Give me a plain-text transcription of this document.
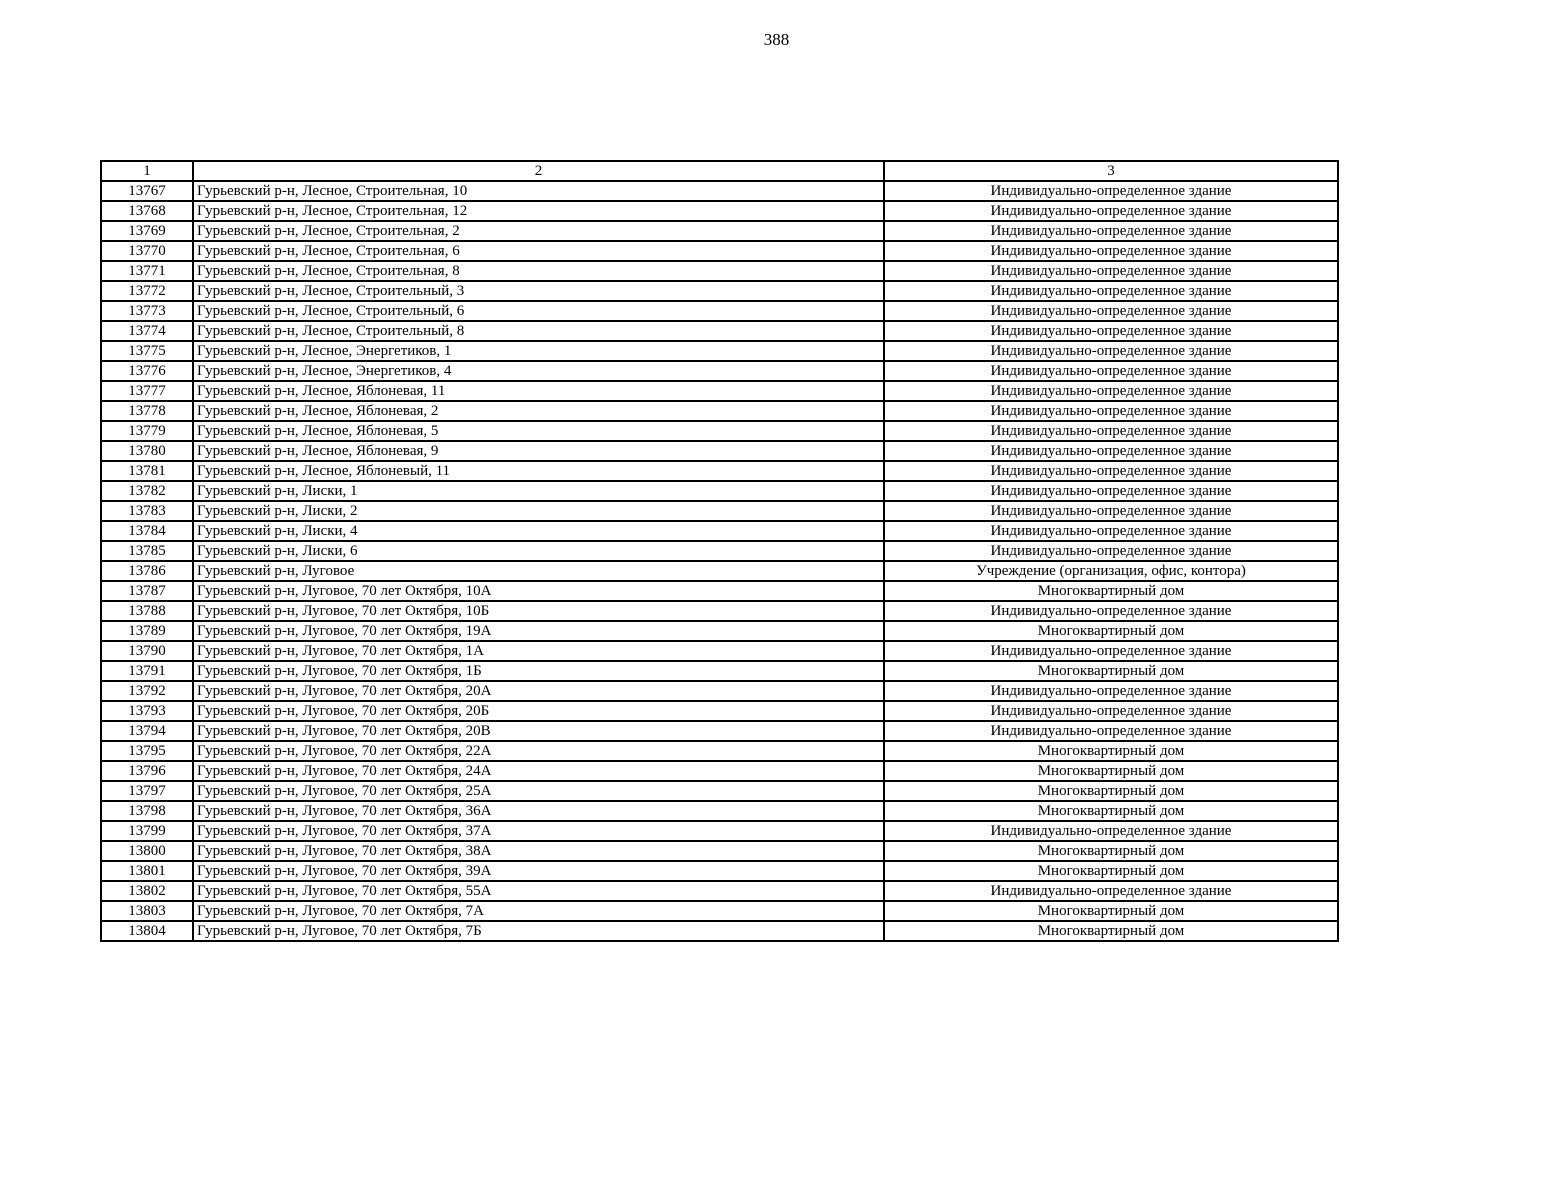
388
1	2	3
13767	Гурьевский р-н, Лесное, Строительная, 10	Индивидуально-определенное здание
13768	Гурьевский р-н, Лесное, Строительная, 12	Индивидуально-определенное здание
13769	Гурьевский р-н, Лесное, Строительная, 2	Индивидуально-определенное здание
13770	Гурьевский р-н, Лесное, Строительная, 6	Индивидуально-определенное здание
13771	Гурьевский р-н, Лесное, Строительная, 8	Индивидуально-определенное здание
13772	Гурьевский р-н, Лесное, Строительный, 3	Индивидуально-определенное здание
13773	Гурьевский р-н, Лесное, Строительный, 6	Индивидуально-определенное здание
13774	Гурьевский р-н, Лесное, Строительный, 8	Индивидуально-определенное здание
13775	Гурьевский р-н, Лесное, Энергетиков, 1	Индивидуально-определенное здание
13776	Гурьевский р-н, Лесное, Энергетиков, 4	Индивидуально-определенное здание
13777	Гурьевский р-н, Лесное, Яблоневая, 11	Индивидуально-определенное здание
13778	Гурьевский р-н, Лесное, Яблоневая, 2	Индивидуально-определенное здание
13779	Гурьевский р-н, Лесное, Яблоневая, 5	Индивидуально-определенное здание
13780	Гурьевский р-н, Лесное, Яблоневая, 9	Индивидуально-определенное здание
13781	Гурьевский р-н, Лесное, Яблоневый, 11	Индивидуально-определенное здание
13782	Гурьевский р-н, Лиски, 1	Индивидуально-определенное здание
13783	Гурьевский р-н, Лиски, 2	Индивидуально-определенное здание
13784	Гурьевский р-н, Лиски, 4	Индивидуально-определенное здание
13785	Гурьевский р-н, Лиски, 6	Индивидуально-определенное здание
13786	Гурьевский р-н, Луговое	Учреждение (организация, офис, контора)
13787	Гурьевский р-н, Луговое, 70 лет Октября, 10А	Многоквартирный дом
13788	Гурьевский р-н, Луговое, 70 лет Октября, 10Б	Индивидуально-определенное здание
13789	Гурьевский р-н, Луговое, 70 лет Октября, 19А	Многоквартирный дом
13790	Гурьевский р-н, Луговое, 70 лет Октября, 1А	Индивидуально-определенное здание
13791	Гурьевский р-н, Луговое, 70 лет Октября, 1Б	Многоквартирный дом
13792	Гурьевский р-н, Луговое, 70 лет Октября, 20А	Индивидуально-определенное здание
13793	Гурьевский р-н, Луговое, 70 лет Октября, 20Б	Индивидуально-определенное здание
13794	Гурьевский р-н, Луговое, 70 лет Октября, 20В	Индивидуально-определенное здание
13795	Гурьевский р-н, Луговое, 70 лет Октября, 22А	Многоквартирный дом
13796	Гурьевский р-н, Луговое, 70 лет Октября, 24А	Многоквартирный дом
13797	Гурьевский р-н, Луговое, 70 лет Октября, 25А	Многоквартирный дом
13798	Гурьевский р-н, Луговое, 70 лет Октября, 36А	Многоквартирный дом
13799	Гурьевский р-н, Луговое, 70 лет Октября, 37А	Индивидуально-определенное здание
13800	Гурьевский р-н, Луговое, 70 лет Октября, 38А	Многоквартирный дом
13801	Гурьевский р-н, Луговое, 70 лет Октября, 39А	Многоквартирный дом
13802	Гурьевский р-н, Луговое, 70 лет Октября, 55А	Индивидуально-определенное здание
13803	Гурьевский р-н, Луговое, 70 лет Октября, 7А	Многоквартирный дом
13804	Гурьевский р-н, Луговое, 70 лет Октября, 7Б	Многоквартирный дом
